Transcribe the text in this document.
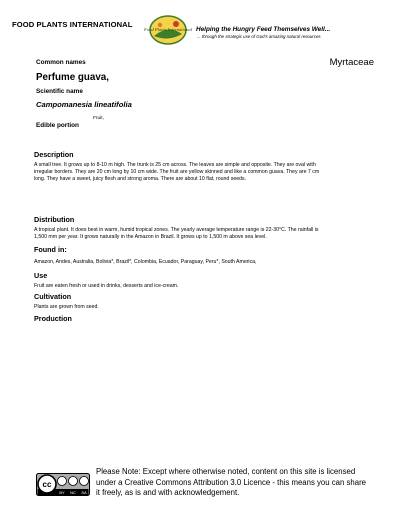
FOOD PLANTS INTERNATIONAL
Food Plants International Helping the Hungry Feed Themselves Well...
... through the strategic use of God's amazing natural resources
Common names	Myrtaceae
Perfume guava,
Scientific name
Campomanesia lineatifolia
Edible portion
Fruit,
Description
A small tree. It grows up to 8-10 m high. The trunk is 25 cm across. The leaves are simple and opposite. They are oval with
irregular borders. They are 20 cm long by 10 cm wide. The fruit are yellow skinned and like a common guava. They are 7 cm
long. They have a sweet, juicy flesh and strong aroma. There are about 10 flat, round seeds.
Distribution
A tropical plant. It does best in warm, humid tropical zones. The yearly average temperature range is 22-30°C. The rainfall is
1,500 mm per year. It grows naturally in the Amazon in Brazil. It grows up to 1,500 m above sea level.
Found in:
Amazon, Andes, Australia, Bolivia*, Brazil*, Colombia, Ecuador, Paraguay, Peru*, South America,
Use
Fruit are eaten fresh or used in drinks, desserts and ice-cream.
Cultivation
Plants are grown from seed.
Production
cc
BY NC SA
Please Note: Except where otherwise noted, content on this site is licensed
under a Creative Commons Attribution 3.0 Licence - this means you can share
it freely, as is and with acknowledgement.
